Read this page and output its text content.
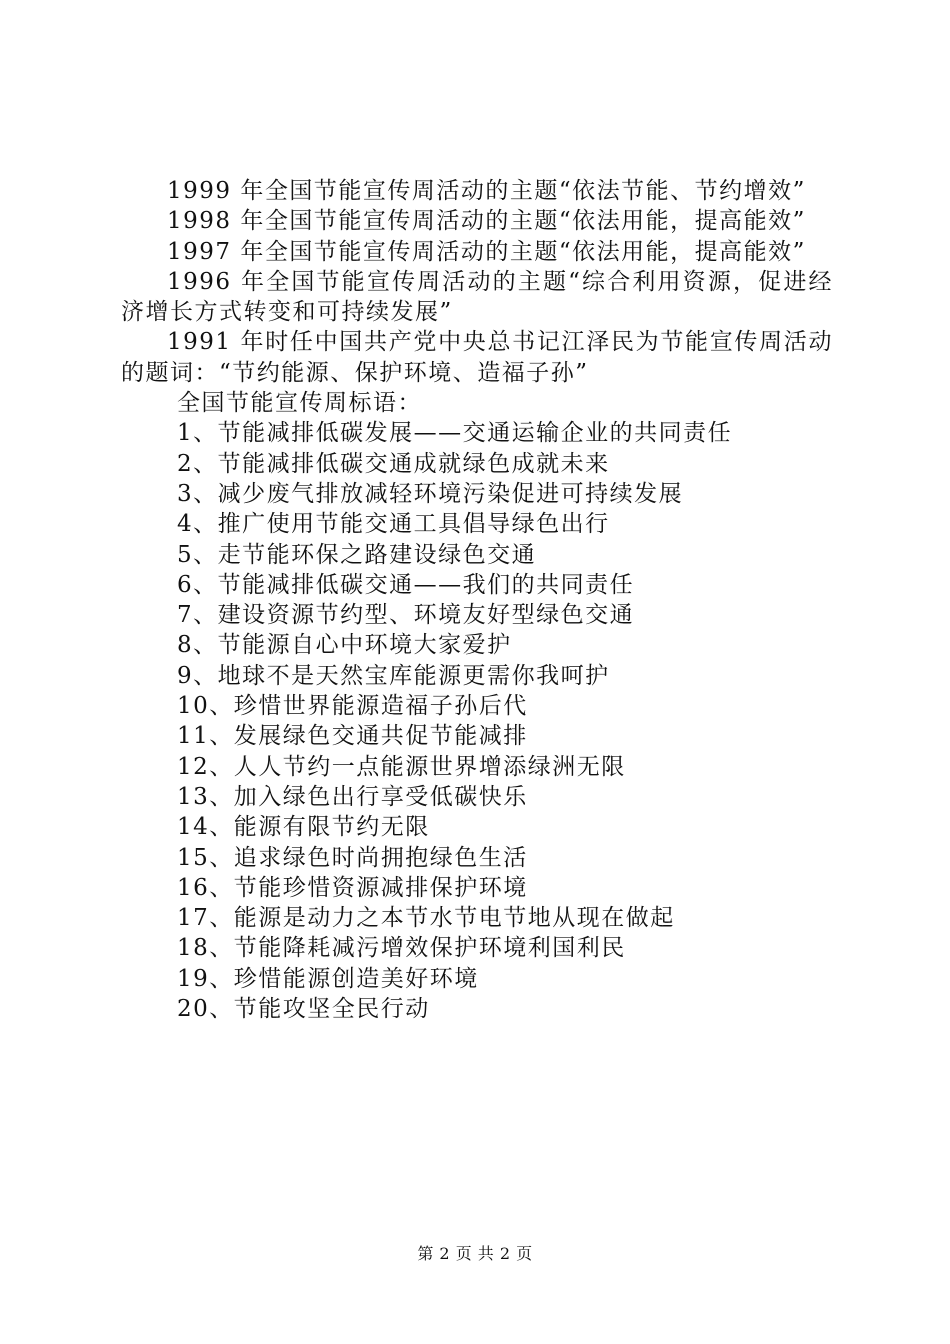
1999 年全国节能宣传周活动的主题“依法节能、节约增效”

1998 年全国节能宣传周活动的主题“依法用能，提高能效”

1997 年全国节能宣传周活动的主题“依法用能，提高能效”

1996 年全国节能宣传周活动的主题“综合利用资源，促进经济增长方式转变和可持续发展”

1991 年时任中国共产党中央总书记江泽民为节能宣传周活动的题词：“节约能源、保护环境、造福子孙”

全国节能宣传周标语：

1、节能减排低碳发展——交通运输企业的共同责任
2、节能减排低碳交通成就绿色成就未来
3、减少废气排放减轻环境污染促进可持续发展
4、推广使用节能交通工具倡导绿色出行
5、走节能环保之路建设绿色交通
6、节能减排低碳交通——我们的共同责任
7、建设资源节约型、环境友好型绿色交通
8、节能源自心中环境大家爱护
9、地球不是天然宝库能源更需你我呵护
10、珍惜世界能源造福子孙后代
11、发展绿色交通共促节能减排
12、人人节约一点能源世界增添绿洲无限
13、加入绿色出行享受低碳快乐
14、能源有限节约无限
15、追求绿色时尚拥抱绿色生活
16、节能珍惜资源减排保护环境
17、能源是动力之本节水节电节地从现在做起
18、节能降耗减污增效保护环境利国利民
19、珍惜能源创造美好环境
20、节能攻坚全民行动
第 2 页 共 2 页
